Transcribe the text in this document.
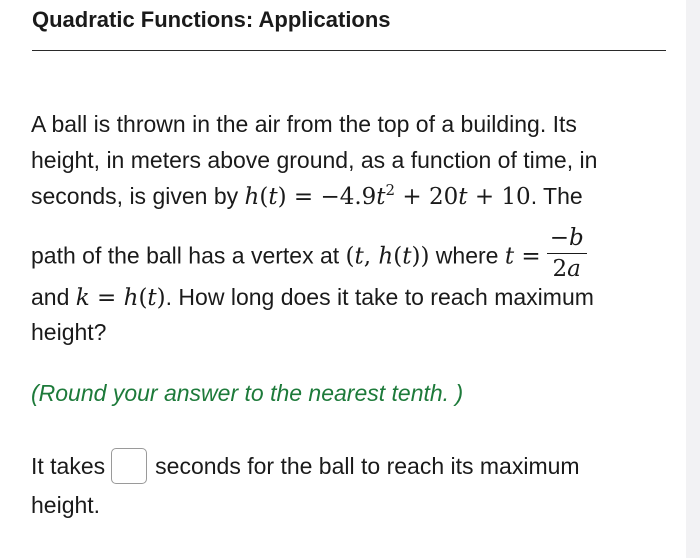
Quadratic Functions: Applications
A ball is thrown in the air from the top of a building. Its
height, in meters above ground, as a function of time, in
seconds, is given by $h(t) = -4.9t^2 + 20t + 10$. The
path of the ball has a vertex at (t, h(t)) where $t = \frac{-b}{2a}$
and k = h(t). How long does it take to reach maximum
height?
(Round your answer to the nearest tenth. )
It takes seconds for the ball to reach its maximum
height.
